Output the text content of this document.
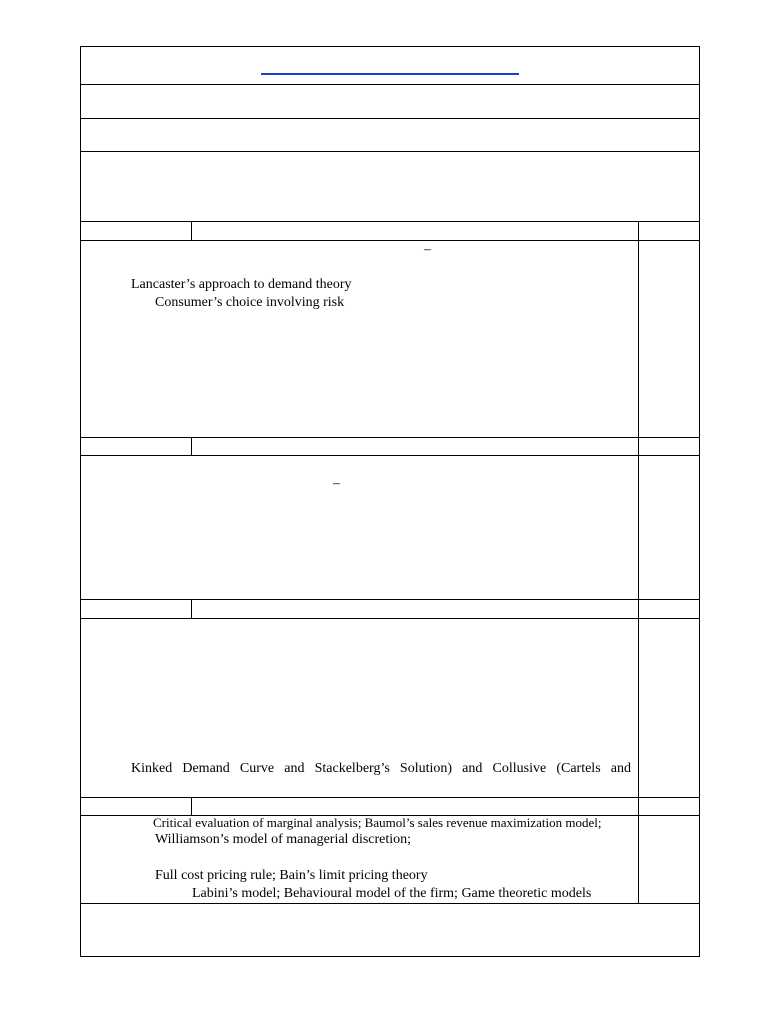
–
Lancaster’s approach to demand theory
Consumer’s choice involving risk
–
Kinked Demand Curve and Stackelberg’s Solution) and Collusive (Cartels and
Critical evaluation of marginal analysis; Baumol’s sales revenue maximization model;
Williamson’s model of managerial discretion;
Full cost pricing rule; Bain’s limit pricing theory
Labini’s model; Behavioural model of the firm; Game theoretic models
